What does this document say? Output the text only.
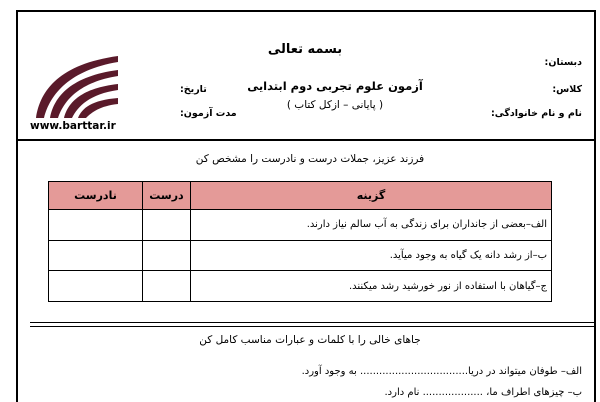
بسمه تعالی
آزمون علوم تجربی دوم ابتدایی
( پایانی – ازکل کتاب )
دبستان:
کلاس:
نام و نام خانوادگی:
تاریخ:
مدت آزمون:
www.barttar.ir
فرزند عزیز، جملات درست و نادرست را مشخص کن
گزینه	درست	نادرست
الف–بعضی از جانداران برای زندگی به آب سالم نیاز دارند.		
ب–از رشد دانه یک گیاه به وجود میآید.		
ج–گیاهان با استفاده از نور خورشید رشد میکنند.		
جاهای خالی را با کلمات و عبارات مناسب کامل کن
الف– طوفان میتواند در دریا.................................. به وجود آورد.
ب– چیزهای اطراف ما، ................... نام دارد.
